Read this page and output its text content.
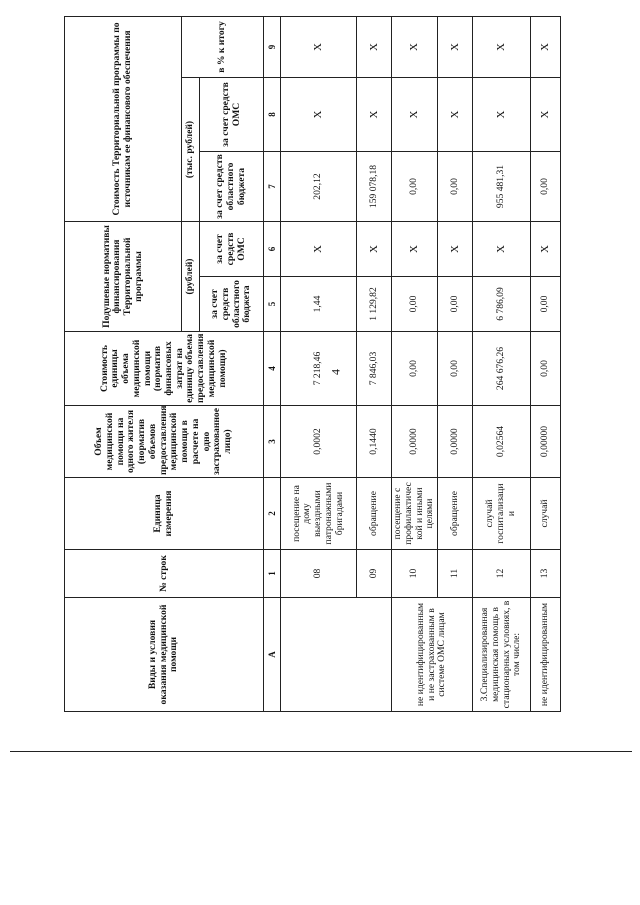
4
Виды и условия оказания медицинской помощи	№ строк	Единица измерения	Объем медицинской помощи на одного жителя (норматив объемов предоставления медицинской помощи в расчете на одно застрахованное лицо)	Стоимость единицы объема медицинской помощи (норматив финансовых затрат на единицу объема предоставления медицинской помощи)	Подушевые нормативы финансирования Территориальной программы		Стоимость Территориальной программы по источникам ее финансового обеспечения		
					(рублей)		(тыс. рублей)		в % к итогу
					за счет средств областного бюджета	за счет средств ОМС	за счет средств областного бюджета	за счет средств ОМС	
А	1	2	3	4	5	6	7	8	9
	08	посещение на дому выездными патронажными бригадами	0,0002	7 218,46	1,44	Х	202,12	Х	Х
	09	обращение	0,1440	7 846,03	1 129,82	Х	159 078,18	Х	Х
не идентифицированным и не застрахованным в системе ОМС лицам	10	посещение с профилактичес кой и иными целями	0,0000	0,00	0,00	Х	0,00	Х	Х
	11	обращение	0,0000	0,00	0,00	Х	0,00	Х	Х
3.Специализированная медицинская помощь в стационарных условиях, в том числе:	12	случай госпитализаци и	0,02564	264 676,26	6 786,09	Х	955 481,31	Х	Х
не идентифицированным	13	случай	0,00000	0,00	0,00	Х	0,00	Х	Х
